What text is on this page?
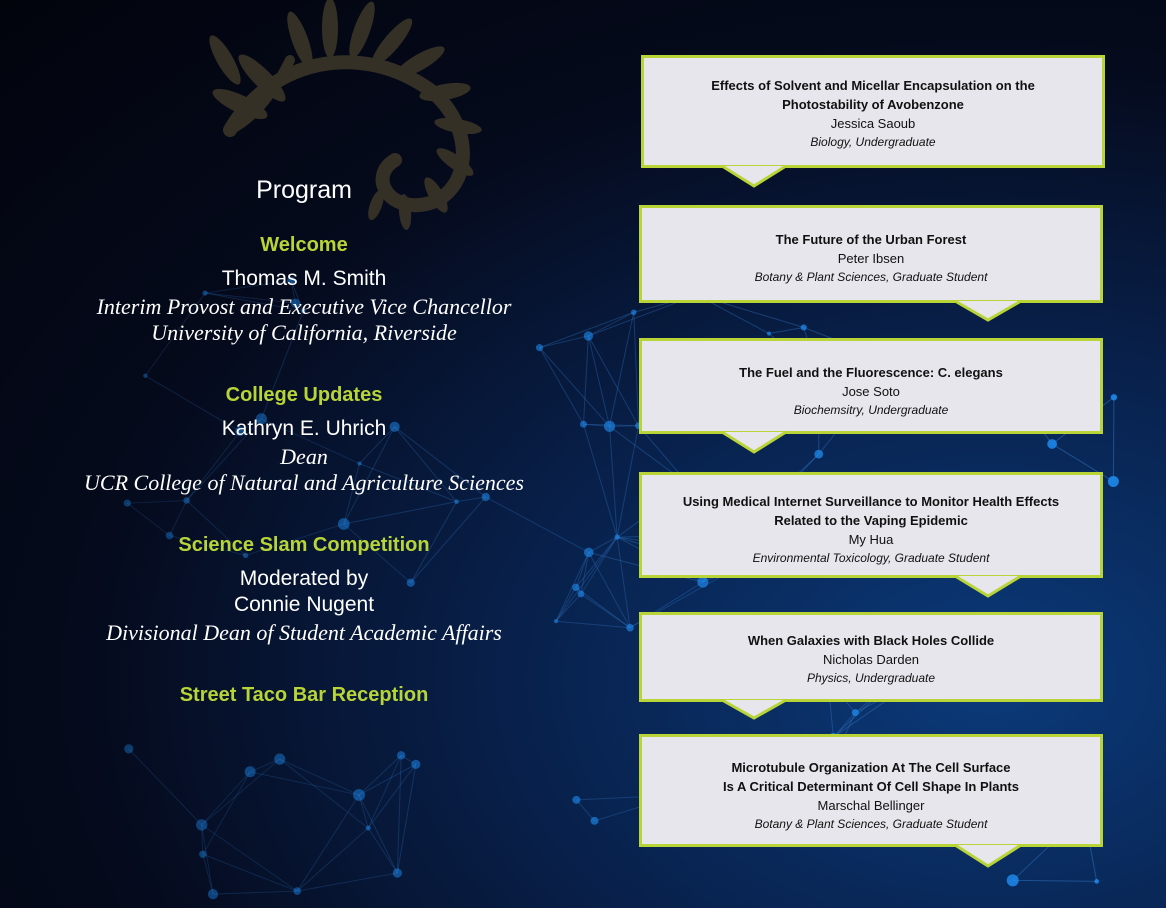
Program
Welcome
Thomas M. Smith
Interim Provost and Executive Vice Chancellor
University of California, Riverside
College Updates
Kathryn E. Uhrich
Dean
UCR College of Natural and Agriculture Sciences
Science Slam Competition
Moderated by
Connie Nugent
Divisional Dean of Student Academic Affairs
Street Taco Bar Reception
Effects of Solvent and Micellar Encapsulation on the
Photostability of Avobenzone
Jessica Saoub
Biology, Undergraduate
The Future of the Urban Forest
Peter Ibsen
Botany & Plant Sciences, Graduate Student
The Fuel and the Fluorescence: C. elegans
Jose Soto
Biochemsitry, Undergraduate
Using Medical Internet Surveillance to Monitor Health Effects
Related to the Vaping Epidemic
My Hua
Environmental Toxicology, Graduate Student
When Galaxies with Black Holes Collide
Nicholas Darden
Physics, Undergraduate
Microtubule Organization At The Cell Surface
Is A Critical Determinant Of Cell Shape In Plants
Marschal Bellinger
Botany & Plant Sciences, Graduate Student
